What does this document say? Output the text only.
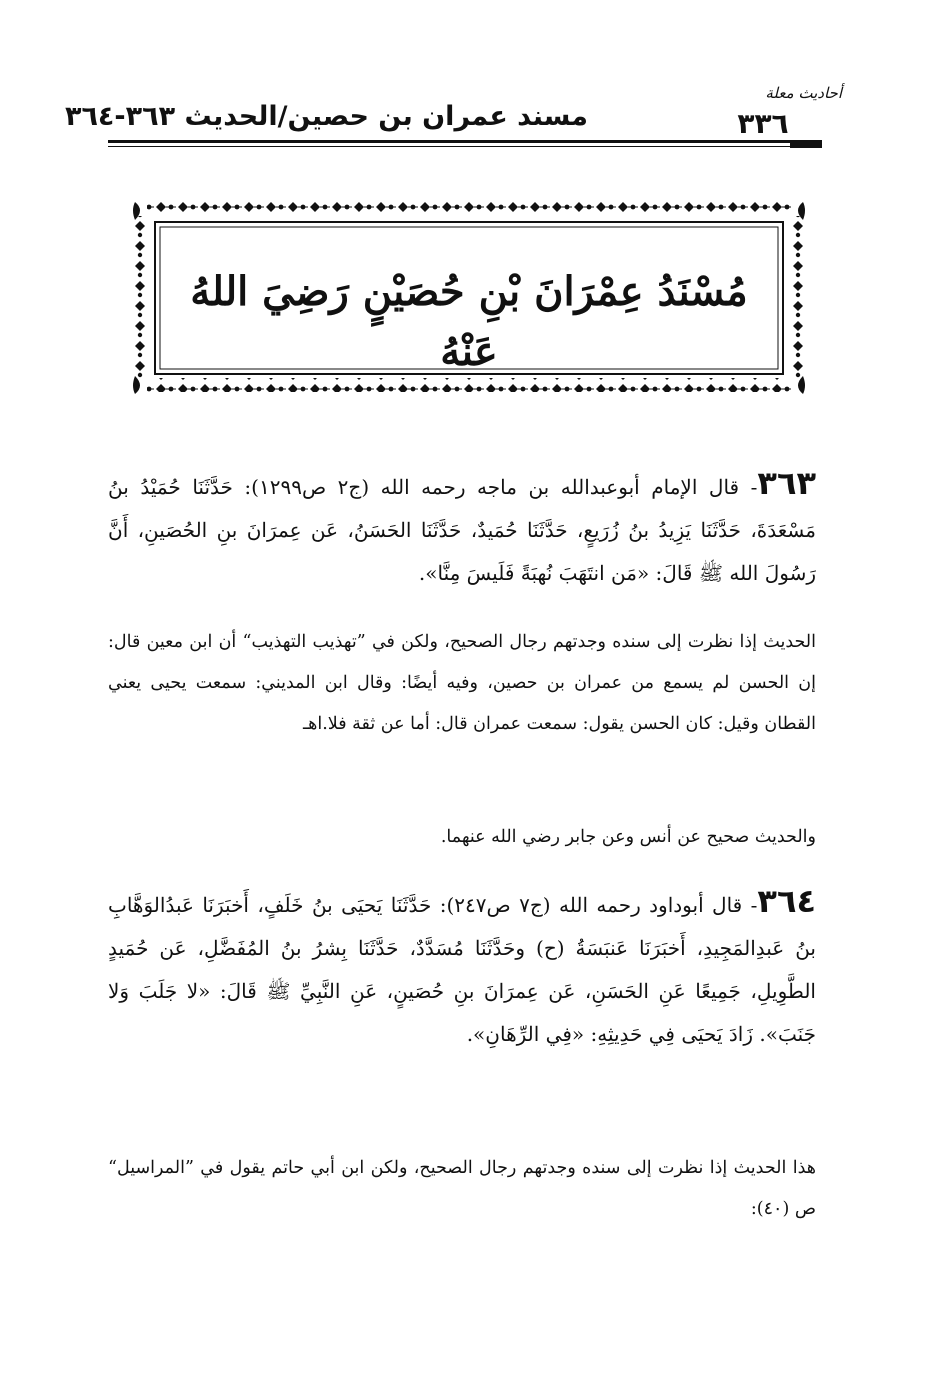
مسند عمران بن حصين/الحديث ٣٦٣-٣٦٤
أحاديث معلة
٣٣٦
مُسْنَدُ عِمْرَانَ بْنِ حُصَيْنٍ رَضِيَ اللهُ عَنْهُ
٣٦٣- قال الإمام أبوعبدالله بن ماجه رحمه الله (ج٢ ص١٢٩٩): حَدَّثَنَا حُمَيْدُ بنُ مَسْعَدَةَ، حَدَّثَنَا يَزِيدُ بنُ زُرَيعٍ، حَدَّثَنَا حُمَيدٌ، حَدَّثَنَا الحَسَنُ، عَن عِمرَانَ بنِ الحُصَينِ، أَنَّ رَسُولَ الله ﷺ قَالَ: «مَن انتَهَبَ نُهبَةً فَلَيسَ مِنَّا».
الحديث إذا نظرت إلى سنده وجدتهم رجال الصحيح، ولكن في ”تهذيب التهذيب“ أن ابن معين قال: إن الحسن لم يسمع من عمران بن حصين، وفيه أيضًا: وقال ابن المديني: سمعت يحيى يعني القطان وقيل: كان الحسن يقول: سمعت عمران قال: أما عن ثقة فلا.اهـ
والحديث صحيح عن أنس وعن جابر رضي الله عنهما.
٣٦٤- قال أبوداود رحمه الله (ج٧ ص٢٤٧): حَدَّثَنَا يَحيَى بنُ خَلَفٍ، أَخبَرَنَا عَبدُالوَهَّابِ بنُ عَبدِالمَجِيدِ، أَخبَرَنَا عَنبَسَةُ (ح) وحَدَّثَنَا مُسَدَّدٌ، حَدَّثَنَا بِشرُ بنُ المُفَضَّلِ، عَن حُمَيدٍ الطَّوِيلِ، جَمِيعًا عَنِ الحَسَنِ، عَن عِمرَانَ بنِ حُصَينٍ، عَنِ النَّبِيِّ ﷺ قَالَ: «لا جَلَبَ وَلا جَنَبَ». زَادَ يَحيَى فِي حَدِيثِهِ: «فِي الرِّهَانِ».
هذا الحديث إذا نظرت إلى سنده وجدتهم رجال الصحيح، ولكن ابن أبي حاتم يقول في ”المراسيل“ ص (٤٠):
